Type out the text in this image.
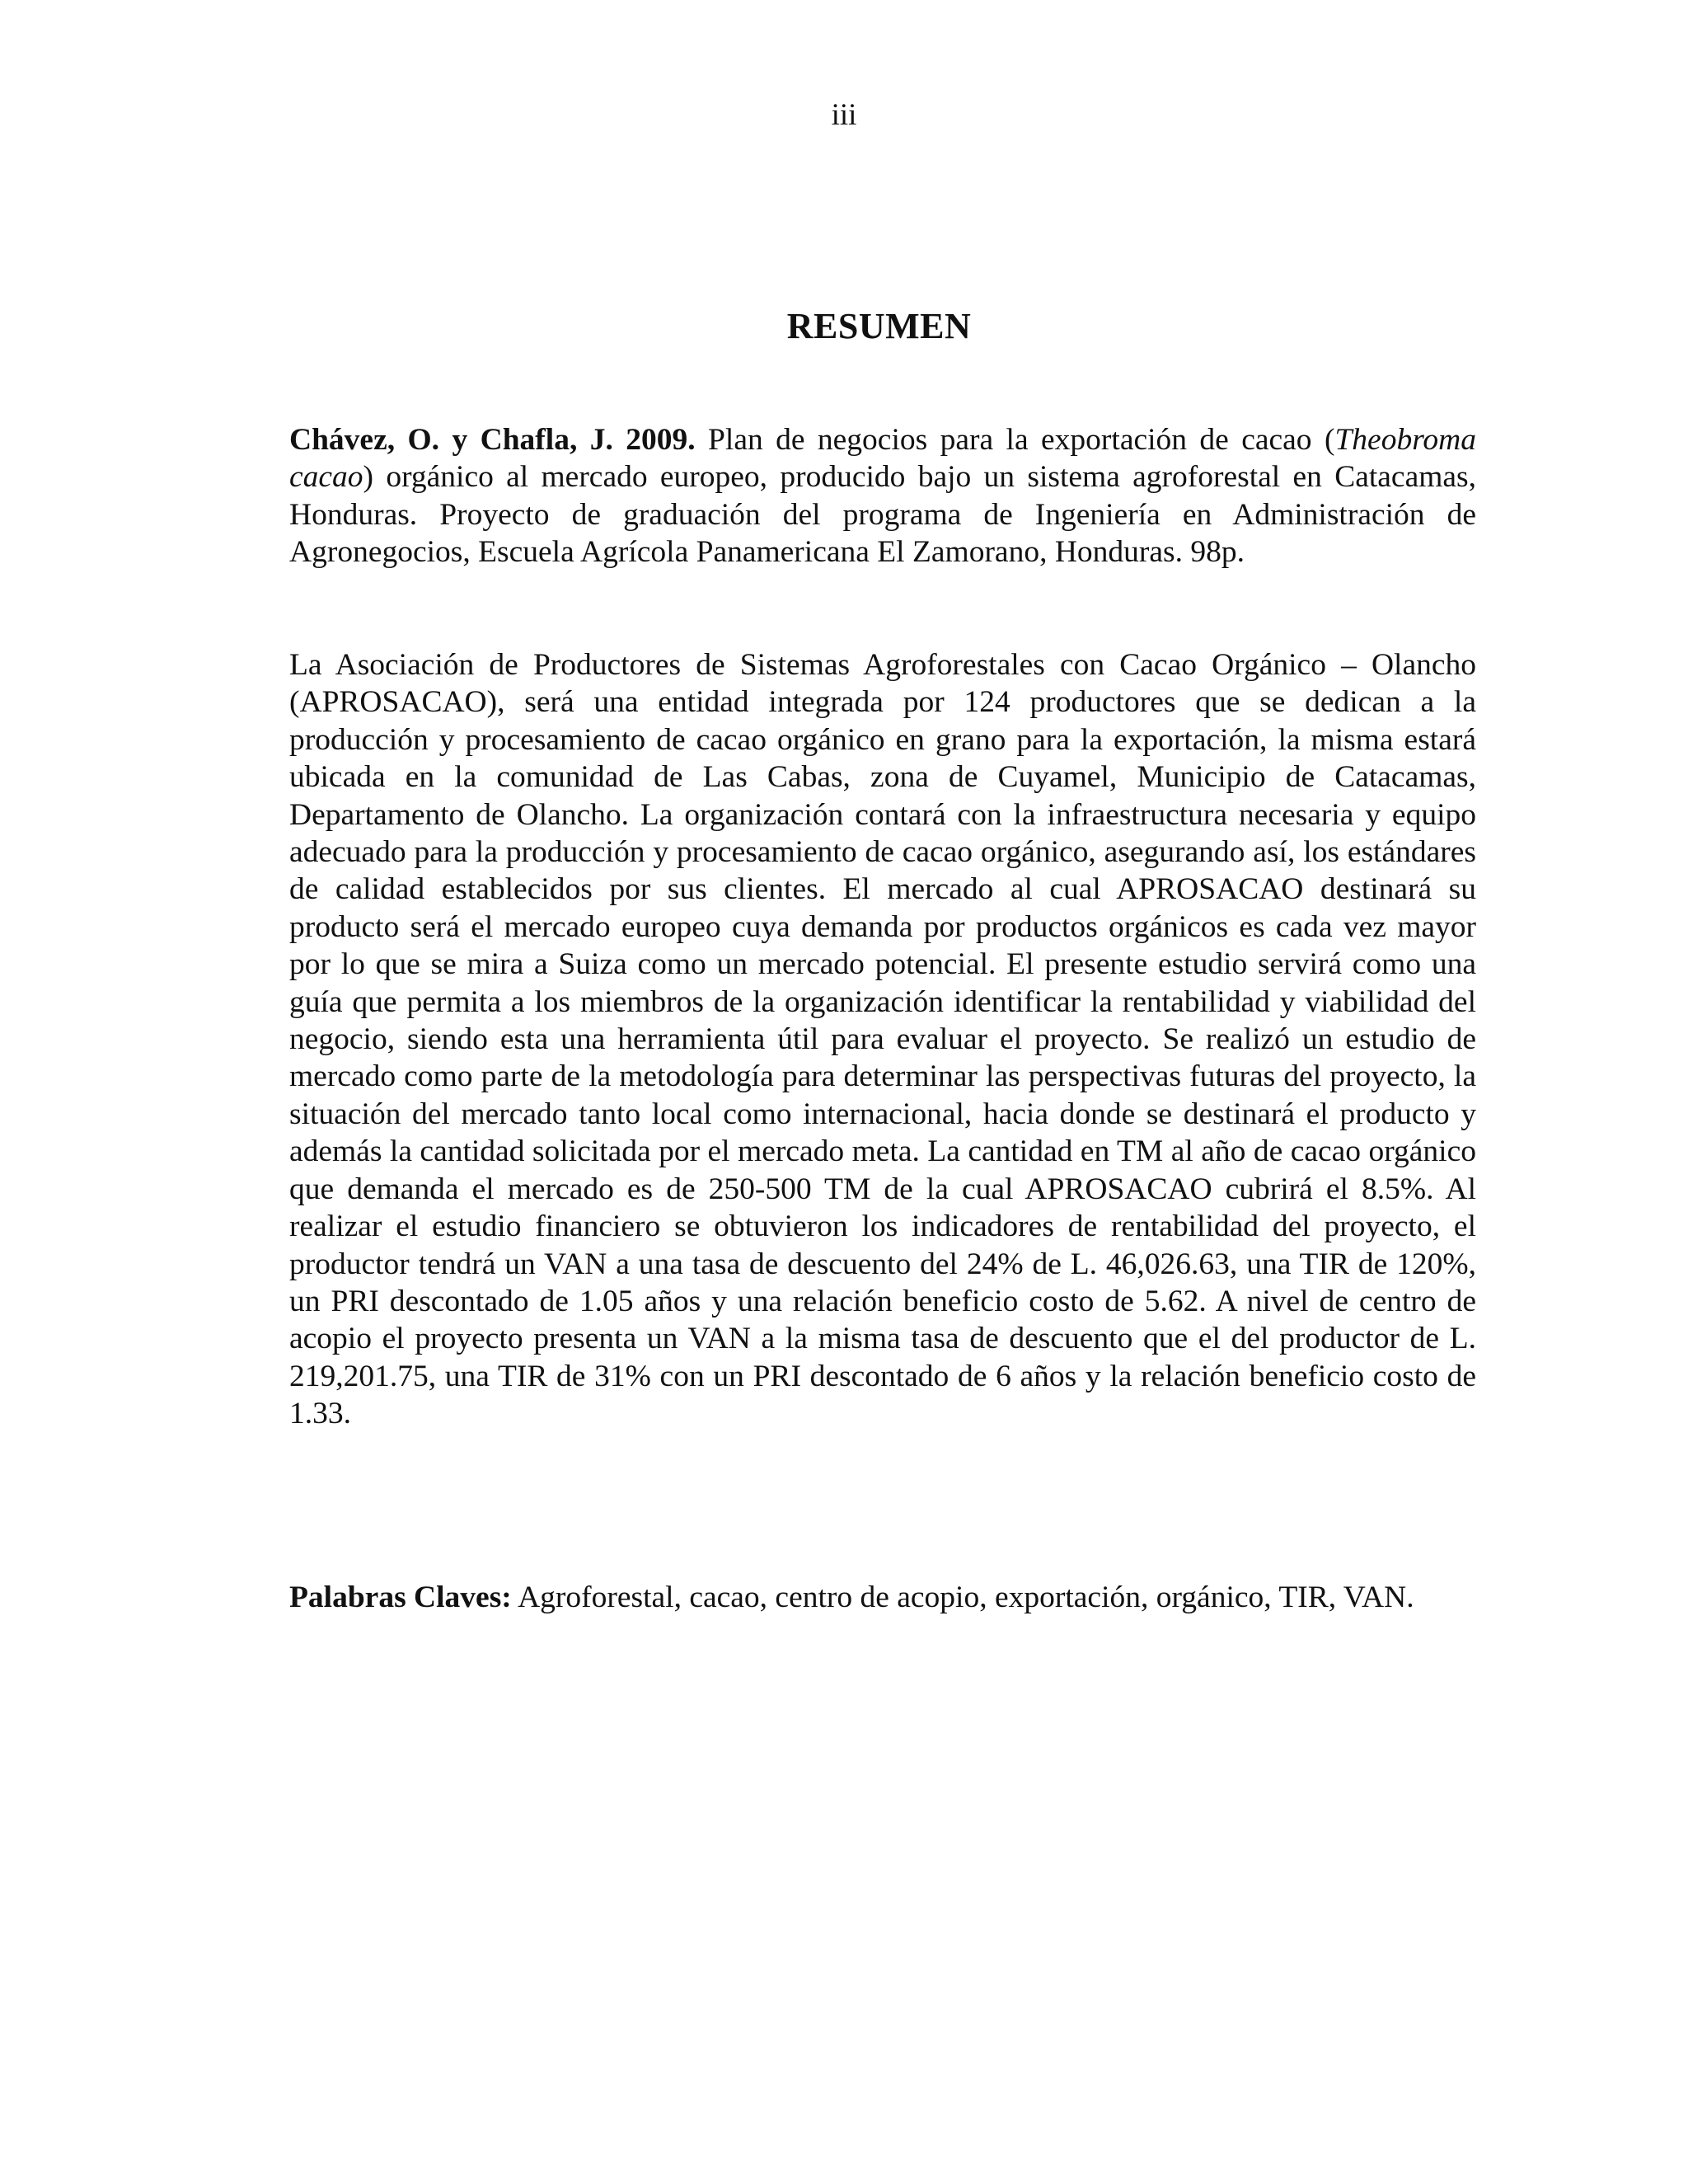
iii
RESUMEN

Chávez, O. y Chafla, J. 2009. Plan de negocios para la exportación de cacao (Theobroma cacao) orgánico al mercado europeo, producido bajo un sistema agroforestal en Catacamas, Honduras. Proyecto de graduación del programa de Ingeniería en Administración de Agronegocios, Escuela Agrícola Panamericana El Zamorano, Honduras. 98p.

La Asociación de Productores de Sistemas Agroforestales con Cacao Orgánico – Olancho (APROSACAO), será una entidad integrada por 124 productores que se dedican a la producción y procesamiento de cacao orgánico en grano para la exportación, la misma estará ubicada en la comunidad de Las Cabas, zona de Cuyamel, Municipio de Catacamas, Departamento de Olancho. La organización contará con la infraestructura necesaria y equipo adecuado para la producción y procesamiento de cacao orgánico, asegurando así, los estándares de calidad establecidos por sus clientes. El mercado al cual APROSACAO destinará su producto será el mercado europeo cuya demanda por productos orgánicos es cada vez mayor por lo que se mira a Suiza como un mercado potencial. El presente estudio servirá como una guía que permita a los miembros de la organización identificar la rentabilidad y viabilidad del negocio, siendo esta una herramienta útil para evaluar el proyecto. Se realizó un estudio de mercado como parte de la metodología para determinar las perspectivas futuras del proyecto, la situación del mercado tanto local como internacional, hacia donde se destinará el producto y además la cantidad solicitada por el mercado meta. La cantidad en TM al año de cacao orgánico que demanda el mercado es de 250-500 TM de la cual APROSACAO cubrirá el 8.5%. Al realizar el estudio financiero se obtuvieron los indicadores de rentabilidad del proyecto, el productor tendrá un VAN a una tasa de descuento del 24% de L. 46,026.63, una TIR de 120%, un PRI descontado de 1.05 años y una relación beneficio costo de 5.62. A nivel de centro de acopio el proyecto presenta un VAN a la misma tasa de descuento que el del productor de L. 219,201.75, una TIR de 31% con un PRI descontado de 6 años y la relación beneficio costo de 1.33.

Palabras Claves: Agroforestal, cacao, centro de acopio, exportación, orgánico, TIR, VAN.
